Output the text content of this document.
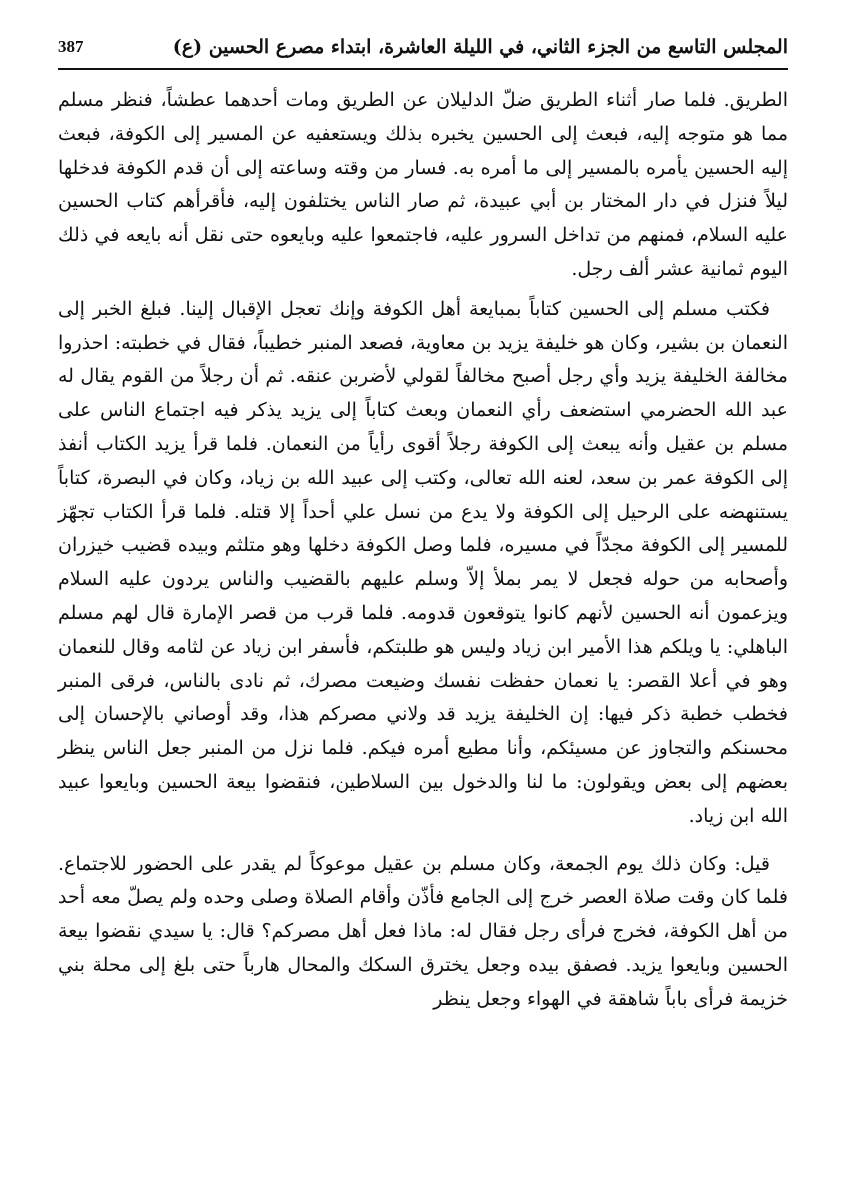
المجلس التاسع من الجزء الثاني، في الليلة العاشرة، ابتداء مصرع الحسين (ع)
387

الطريق. فلما صار أثناء الطريق ضلّ الدليلان عن الطريق ومات أحدهما عطشاً، فنظر مسلم مما هو متوجه إليه، فبعث إلى الحسين يخبره بذلك ويستعفيه عن المسير إلى الكوفة، فبعث إليه الحسين يأمره بالمسير إلى ما أمره به. فسار من وقته وساعته إلى أن قدم الكوفة فدخلها ليلاً فنزل في دار المختار بن أبي عبيدة، ثم صار الناس يختلفون إليه، فأقرأهم كتاب الحسين عليه السلام، فمنهم من تداخل السرور عليه، فاجتمعوا عليه وبايعوه حتى نقل أنه بايعه في ذلك اليوم ثمانية عشر ألف رجل.

فكتب مسلم إلى الحسين كتاباً بمبايعة أهل الكوفة وإنك تعجل الإقبال إلينا. فبلغ الخبر إلى النعمان بن بشير، وكان هو خليفة يزيد بن معاوية، فصعد المنبر خطيباً، فقال في خطبته: احذروا مخالفة الخليفة يزيد وأي رجل أصبح مخالفاً لقولي لأضربن عنقه. ثم أن رجلاً من القوم يقال له عبد الله الحضرمي استضعف رأي النعمان وبعث كتاباً إلى يزيد يذكر فيه اجتماع الناس على مسلم بن عقيل وأنه يبعث إلى الكوفة رجلاً أقوى رأياً من النعمان. فلما قرأ يزيد الكتاب أنفذ إلى الكوفة عمر بن سعد، لعنه الله تعالى، وكتب إلى عبيد الله بن زياد، وكان في البصرة، كتاباً يستنهضه على الرحيل إلى الكوفة ولا يدع من نسل علي أحداً إلا قتله. فلما قرأ الكتاب تجهّز للمسير إلى الكوفة مجدّاً في مسيره، فلما وصل الكوفة دخلها وهو متلثم وبيده قضيب خيزران وأصحابه من حوله فجعل لا يمر بملأ إلاّ وسلم عليهم بالقضيب والناس يردون عليه السلام ويزعمون أنه الحسين لأنهم كانوا يتوقعون قدومه. فلما قرب من قصر الإمارة قال لهم مسلم الباهلي: يا ويلكم هذا الأمير ابن زياد وليس هو طلبتكم، فأسفر ابن زياد عن لثامه وقال للنعمان وهو في أعلا القصر: يا نعمان حفظت نفسك وضيعت مصرك، ثم نادى بالناس، فرقى المنبر فخطب خطبة ذكر فيها: إن الخليفة يزيد قد ولاني مصركم هذا، وقد أوصاني بالإحسان إلى محسنكم والتجاوز عن مسيئكم، وأنا مطيع أمره فيكم. فلما نزل من المنبر جعل الناس ينظر بعضهم إلى بعض ويقولون: ما لنا والدخول بين السلاطين، فنقضوا بيعة الحسين وبايعوا عبيد الله ابن زياد.

قيل: وكان ذلك يوم الجمعة، وكان مسلم بن عقيل موعوكاً لم يقدر على الحضور للاجتماع. فلما كان وقت صلاة العصر خرج إلى الجامع فأذّن وأقام الصلاة وصلى وحده ولم يصلّ معه أحد من أهل الكوفة، فخرج فرأى رجل فقال له: ماذا فعل أهل مصركم؟ قال: يا سيدي نقضوا بيعة الحسين وبايعوا يزيد. فصفق بيده وجعل يخترق السكك والمحال هارباً حتى بلغ إلى محلة بني خزيمة فرأى باباً شاهقة في الهواء وجعل ينظر
